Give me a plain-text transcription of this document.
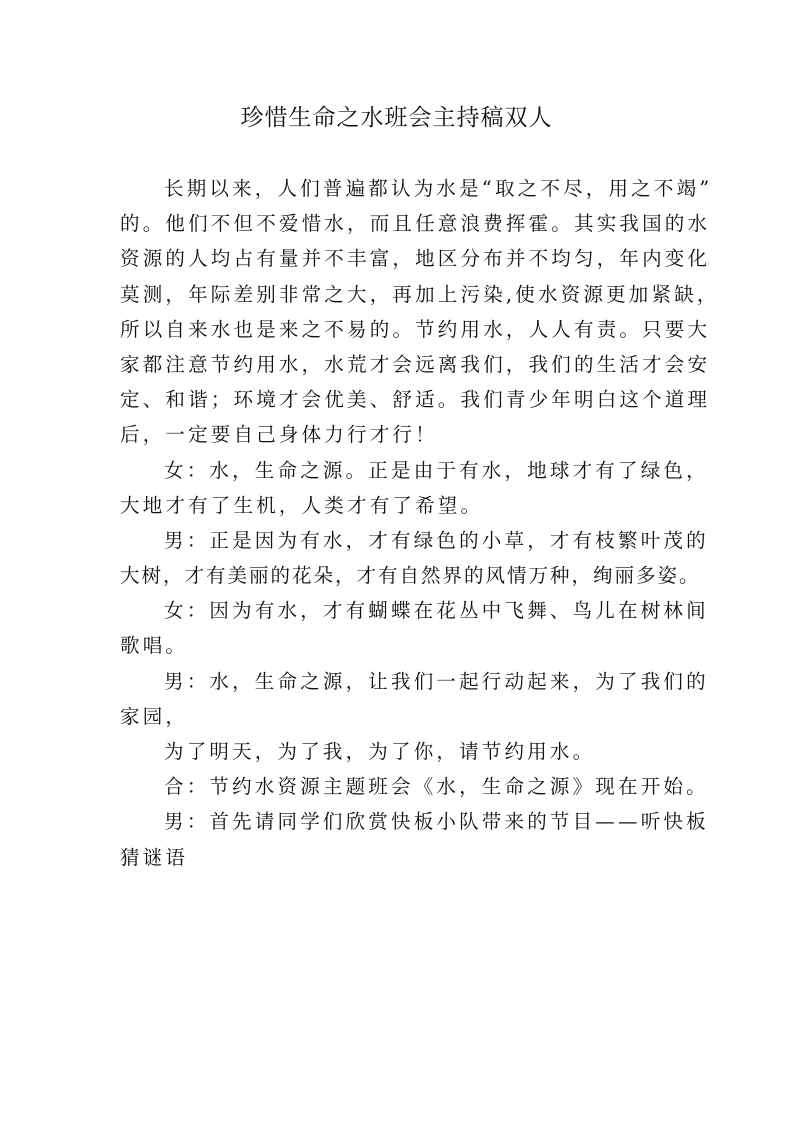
珍惜生命之水班会主持稿双人
长期以来，人们普遍都认为水是“取之不尽，用之不竭”
的。他们不但不爱惜水，而且任意浪费挥霍。其实我国的水
资源的人均占有量并不丰富，地区分布并不均匀，年内变化
莫测，年际差别非常之大，再加上污染,使水资源更加紧缺，
所以自来水也是来之不易的。节约用水，人人有责。只要大
家都注意节约用水，水荒才会远离我们，我们的生活才会安
定、和谐；环境才会优美、舒适。我们青少年明白这个道理
后，一定要自己身体力行才行！
女：水，生命之源。正是由于有水，地球才有了绿色，
大地才有了生机，人类才有了希望。
男：正是因为有水，才有绿色的小草，才有枝繁叶茂的
大树，才有美丽的花朵，才有自然界的风情万种，绚丽多姿。
女：因为有水，才有蝴蝶在花丛中飞舞、鸟儿在树林间
歌唱。
男：水，生命之源，让我们一起行动起来，为了我们的
家园，
为了明天，为了我，为了你，请节约用水。
合：节约水资源主题班会《水，生命之源》现在开始。
男：首先请同学们欣赏快板小队带来的节目——听快板
猜谜语
